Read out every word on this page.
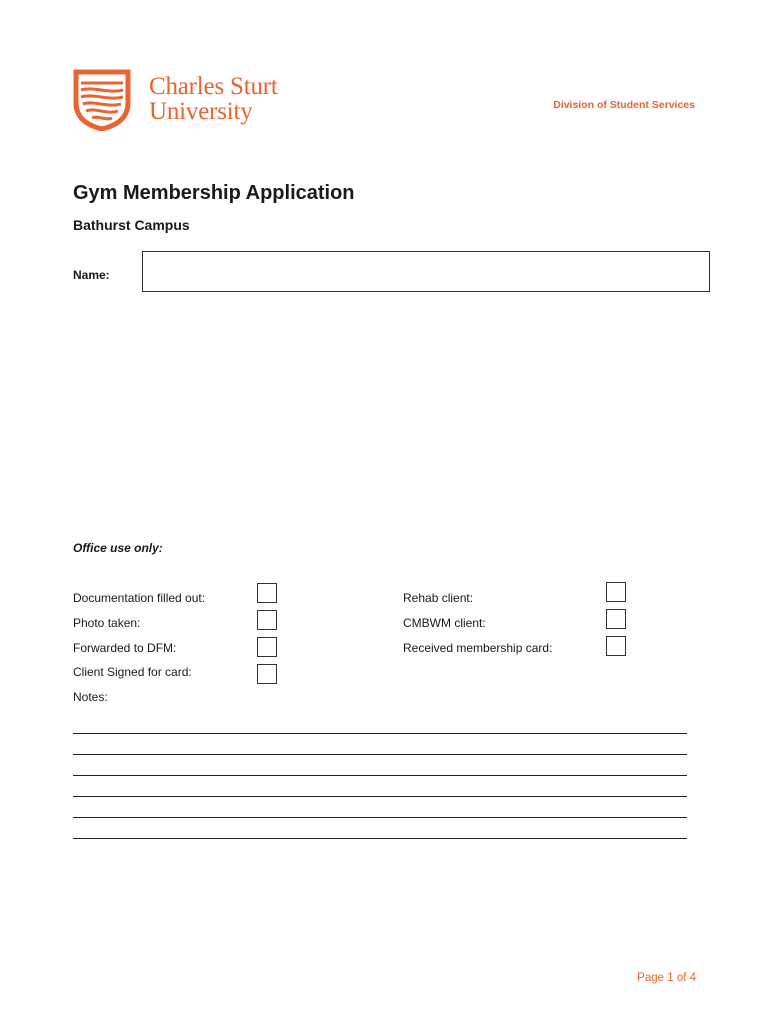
Charles Sturt
University	Division of Student Services
Gym Membership Application
Bathurst Campus
Name:
Office use only:
Documentation filled out:
Photo taken:
Forwarded to DFM:
Client Signed for card:
Rehab client:
CMBWM client:
Received membership card:
Notes:
Page 1 of 4
